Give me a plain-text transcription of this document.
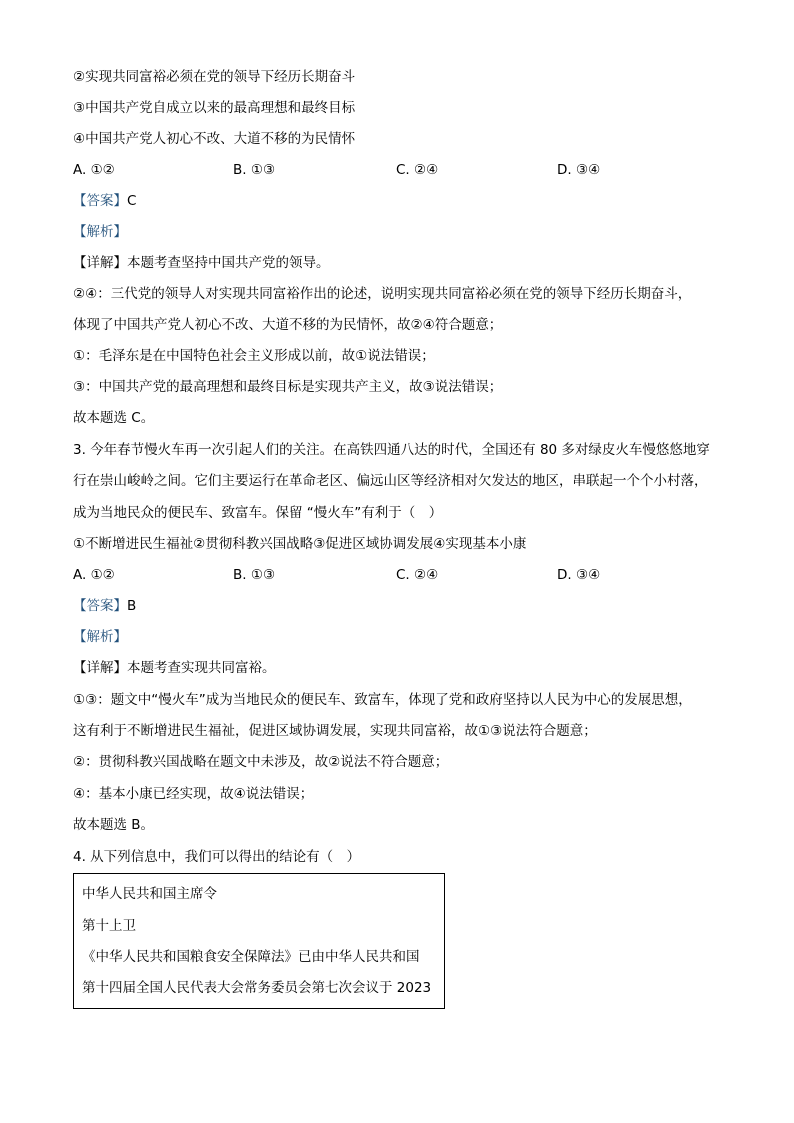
②实现共同富裕必须在党的领导下经历长期奋斗
③中国共产党自成立以来的最高理想和最终目标
④中国共产党人初心不改、大道不移的为民情怀
A. ①②	B. ①③	C. ②④	D. ③④
【答案】C
【解析】
【详解】本题考查坚持中国共产党的领导。
②④：三代党的领导人对实现共同富裕作出的论述，说明实现共同富裕必须在党的领导下经历长期奋斗，
体现了中国共产党人初心不改、大道不移的为民情怀，故②④符合题意；
①：毛泽东是在中国特色社会主义形成以前，故①说法错误；
③：中国共产党的最高理想和最终目标是实现共产主义，故③说法错误；
故本题选 C。
3. 今年春节慢火车再一次引起人们的关注。在高铁四通八达的时代，全国还有 80 多对绿皮火车慢悠悠地穿
行在崇山峻岭之间。它们主要运行在革命老区、偏远山区等经济相对欠发达的地区，串联起一个个小村落，
成为当地民众的便民车、致富车。保留 “慢火车”有利于（　）
①不断增进民生福祉②贯彻科教兴国战略③促进区域协调发展④实现基本小康
A. ①②	B. ①③	C. ②④	D. ③④
【答案】B
【解析】
【详解】本题考查实现共同富裕。
①③：题文中“慢火车”成为当地民众的便民车、致富车，体现了党和政府坚持以人民为中心的发展思想，
这有利于不断增进民生福祉，促进区域协调发展，实现共同富裕，故①③说法符合题意；
②：贯彻科教兴国战略在题文中未涉及，故②说法不符合题意；
④：基本小康已经实现，故④说法错误；
故本题选 B。
4. 从下列信息中，我们可以得出的结论有（　）
中华人民共和国主席令
第十上卫
《中华人民共和国粮食安全保障法》已由中华人民共和国
第十四届全国人民代表大会常务委员会第七次会议于 2023
